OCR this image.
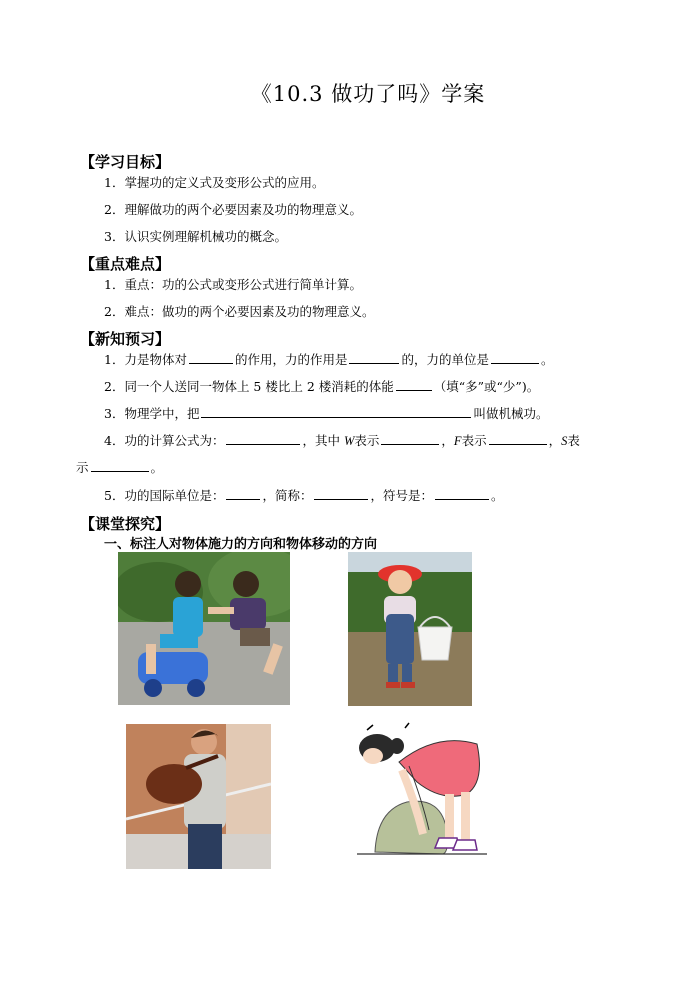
《10.3 做功了吗》学案
【学习目标】
1．掌握功的定义式及变形公式的应用。
2．理解做功的两个必要因素及功的物理意义。
3．认识实例理解机械功的概念。
【重点难点】
1．重点：功的公式或变形公式进行简单计算。
2．难点：做功的两个必要因素及功的物理意义。
【新知预习】
1．力是物体对	的作用，力的作用是	的，力的单位是	。
2．同一个人送同一物体上 5 楼比上 2 楼消耗的体能	（填“多”或“少”)。
3．物理学中，把	叫做机械功。
4．功的计算公式为：	，其中 W表示	，F表示	，S表
示	。
5．功的国际单位是：	，简称：	，符号是：	。
【课堂探究】
一、标注人对物体施力的方向和物体移动的方向
